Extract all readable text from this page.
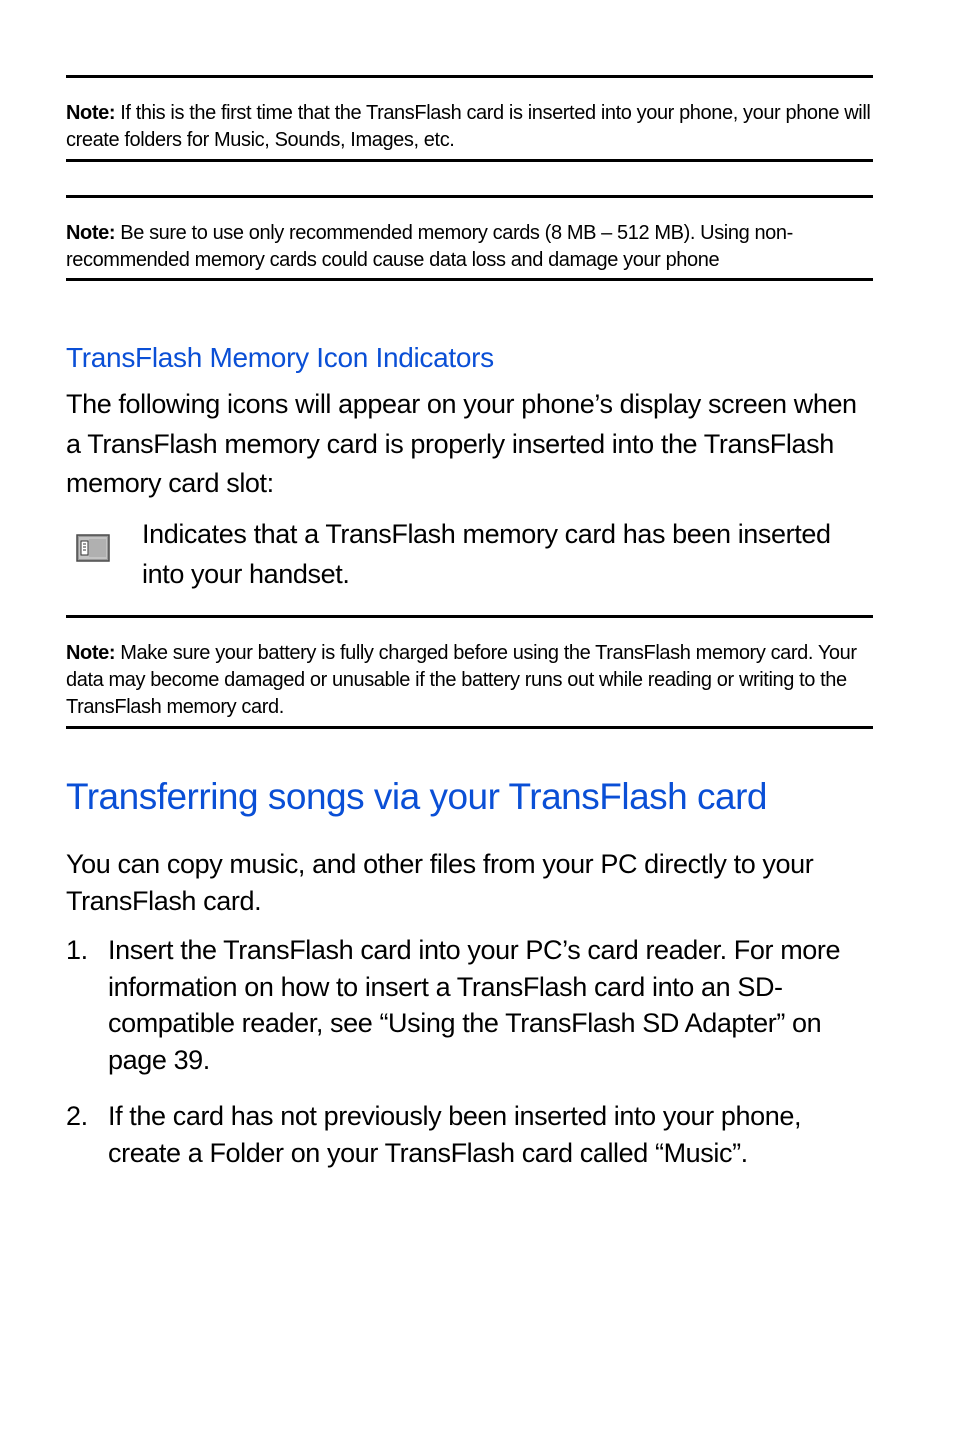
Note: If this is the first time that the TransFlash card is inserted into your phone, your phone will create folders for Music, Sounds, Images, etc.
Note: Be sure to use only recommended memory cards (8 MB – 512 MB). Using non-recommended memory cards could cause data loss and damage your phone
TransFlash Memory Icon Indicators
The following icons will appear on your phone’s display screen when a TransFlash memory card is properly inserted into the TransFlash memory card slot:
Indicates that a TransFlash memory card has been inserted into your handset.
Note: Make sure your battery is fully charged before using the TransFlash memory card. Your data may become damaged or unusable if the battery runs out while reading or writing to the TransFlash memory card.
Transferring songs via your TransFlash card
You can copy music, and other files from your PC directly to your TransFlash card.
1. Insert the TransFlash card into your PC’s card reader. For more information on how to insert a TransFlash card into an SD-compatible reader, see “Using the TransFlash SD Adapter” on page 39.
2. If the card has not previously been inserted into your phone, create a Folder on your TransFlash card called “Music”.
